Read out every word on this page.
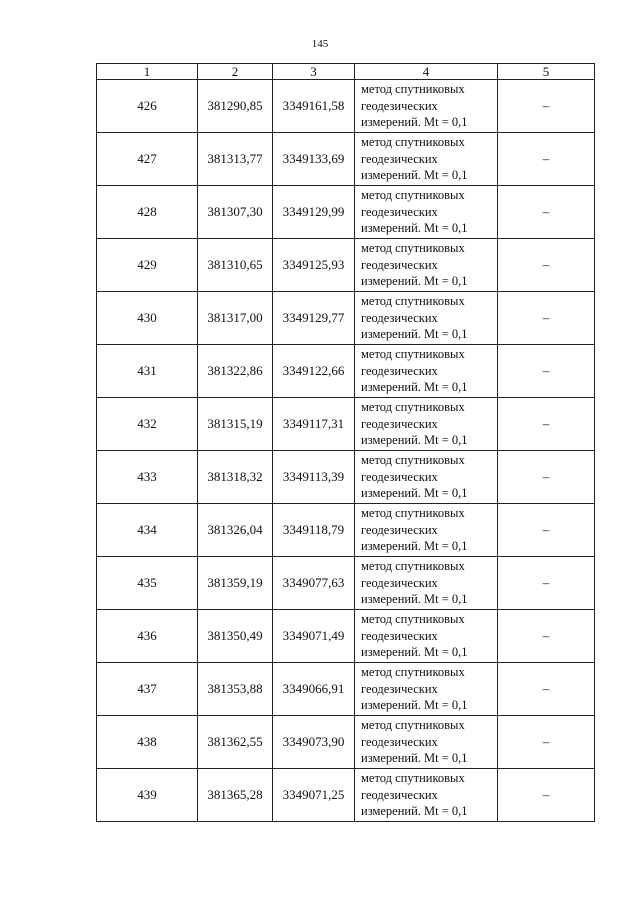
145
1	2	3	4	5
426	381290,85	3349161,58	метод спутниковых
геодезических
измерений. Mt = 0,1	–
427	381313,77	3349133,69	метод спутниковых
геодезических
измерений. Mt = 0,1	–
428	381307,30	3349129,99	метод спутниковых
геодезических
измерений. Mt = 0,1	–
429	381310,65	3349125,93	метод спутниковых
геодезических
измерений. Mt = 0,1	–
430	381317,00	3349129,77	метод спутниковых
геодезических
измерений. Mt = 0,1	–
431	381322,86	3349122,66	метод спутниковых
геодезических
измерений. Mt = 0,1	–
432	381315,19	3349117,31	метод спутниковых
геодезических
измерений. Mt = 0,1	–
433	381318,32	3349113,39	метод спутниковых
геодезических
измерений. Mt = 0,1	–
434	381326,04	3349118,79	метод спутниковых
геодезических
измерений. Mt = 0,1	–
435	381359,19	3349077,63	метод спутниковых
геодезических
измерений. Mt = 0,1	–
436	381350,49	3349071,49	метод спутниковых
геодезических
измерений. Mt = 0,1	–
437	381353,88	3349066,91	метод спутниковых
геодезических
измерений. Mt = 0,1	–
438	381362,55	3349073,90	метод спутниковых
геодезических
измерений. Mt = 0,1	–
439	381365,28	3349071,25	метод спутниковых
геодезических
измерений. Mt = 0,1	–
